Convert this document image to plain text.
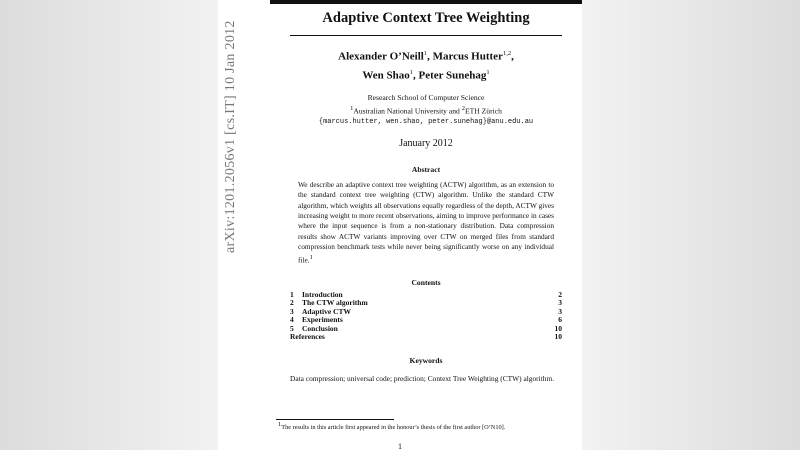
arXiv:1201.2056v1 [cs.IT] 10 Jan 2012
Adaptive Context Tree Weighting
Alexander O’Neill$^1$, Marcus Hutter$^{1,2}$,
Wen Shao$^1$, Peter Sunehag$^1$
Research School of Computer Science
$^1$Australian National University and $^2$ETH Zürich
{marcus.hutter, wen.shao, peter.sunehag}@anu.edu.au
January 2012
Abstract
We describe an adaptive context tree weighting (ACTW) algorithm, as an extension to the standard context tree weighting (CTW) algorithm. Unlike the standard CTW algorithm, which weights all observations equally regardless of the depth, ACTW gives increasing weight to more recent observations, aiming to improve performance in cases where the input sequence is from a non-stationary distribution. Data compression results show ACTW variants improving over CTW on merged files from standard compression benchmark tests while never being significantly worse on any individual file.$^1$
Contents
1 Introduction	2
2 The CTW algorithm	3
3 Adaptive CTW	3
4 Experiments	6
5 Conclusion	10
References	10
Keywords
Data compression; universal code; prediction; Context Tree Weighting (CTW) algorithm.
$^1$The results in this article first appeared in the honour’s thesis of the first author [O’N10].
1
